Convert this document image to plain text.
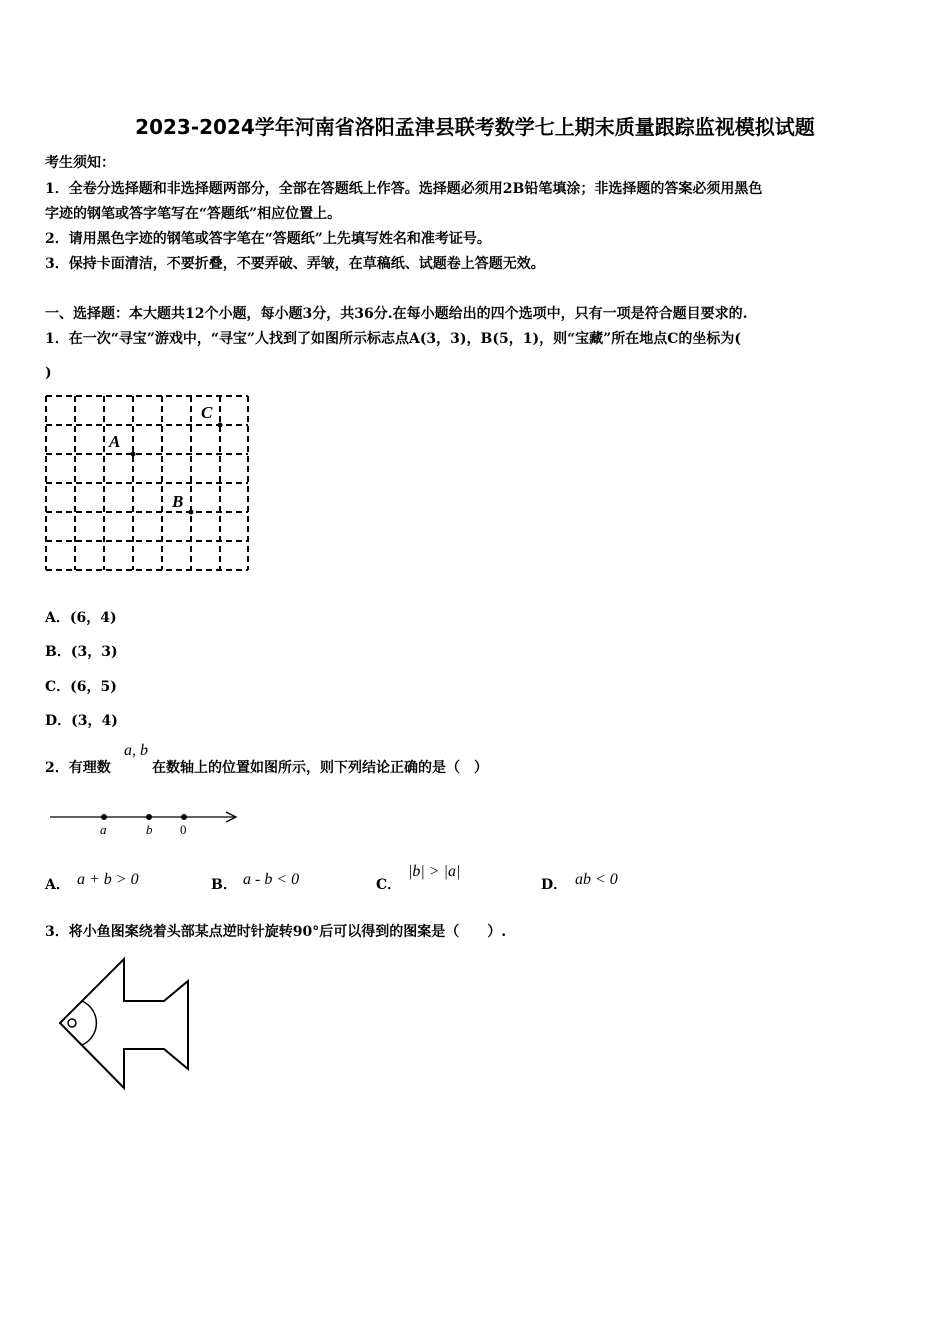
2023-2024学年河南省洛阳孟津县联考数学七上期末质量跟踪监视模拟试题
考生须知：
1．全卷分选择题和非选择题两部分，全部在答题纸上作答。选择题必须用2B铅笔填涂；非选择题的答案必须用黑色
字迹的钢笔或答字笔写在“答题纸”相应位置上。
2．请用黑色字迹的钢笔或答字笔在“答题纸”上先填写姓名和准考证号。
3．保持卡面清洁，不要折叠，不要弄破、弄皱，在草稿纸、试题卷上答题无效。
一、选择题：本大题共12个小题，每小题3分，共36分.在每小题给出的四个选项中，只有一项是符合题目要求的.
1．在一次“寻宝”游戏中，“寻宝”人找到了如图所示标志点A(3，3)，B(5，1)，则“宝藏”所在地点C的坐标为(
)
A
B
C
A．(6，4)
B．(3，3)
C．(6，5)
D．(3，4)
2．有理数
a, b
在数轴上的位置如图所示，则下列结论正确的是（　）
a	b 0
A． a + b > 0	B． a - b < 0	C．
|b| > |a|
D． ab < 0
3．将小鱼图案绕着头部某点逆时针旋转90°后可以得到的图案是（　　）.
